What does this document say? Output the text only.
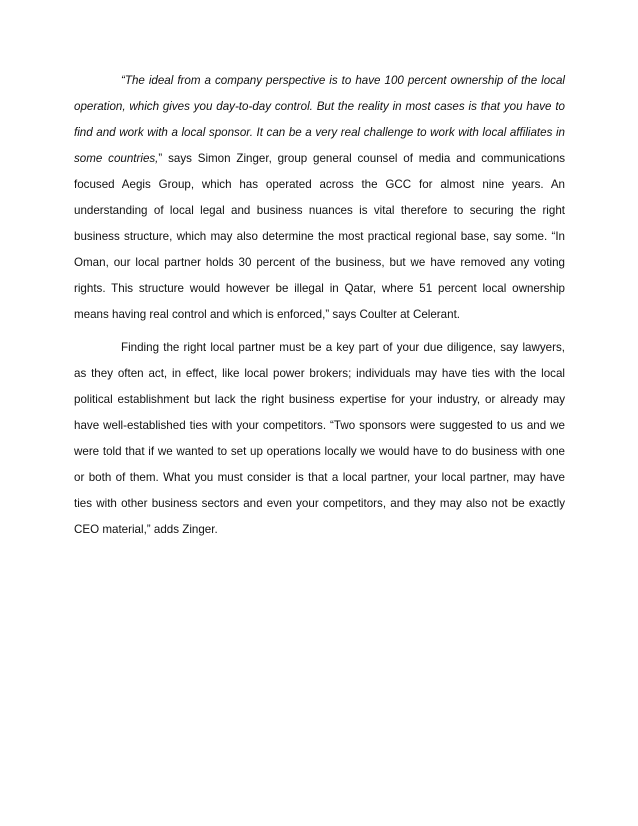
“The ideal from a company perspective is to have 100 percent ownership of the local operation, which gives you day-to-day control. But the reality in most cases is that you have to find and work with a local sponsor. It can be a very real challenge to work with local affiliates in some countries,” says Simon Zinger, group general counsel of media and communications focused Aegis Group, which has operated across the GCC for almost nine years. An understanding of local legal and business nuances is vital therefore to securing the right business structure, which may also determine the most practical regional base, say some. “In Oman, our local partner holds 30 percent of the business, but we have removed any voting rights. This structure would however be illegal in Qatar, where 51 percent local ownership means having real control and which is enforced,” says Coulter at Celerant.

Finding the right local partner must be a key part of your due diligence, say lawyers, as they often act, in effect, like local power brokers; individuals may have ties with the local political establishment but lack the right business expertise for your industry, or already may have well-established ties with your competitors. “Two sponsors were suggested to us and we were told that if we wanted to set up operations locally we would have to do business with one or both of them. What you must consider is that a local partner, your local partner, may have ties with other business sectors and even your competitors, and they may also not be exactly CEO material,” adds Zinger.
